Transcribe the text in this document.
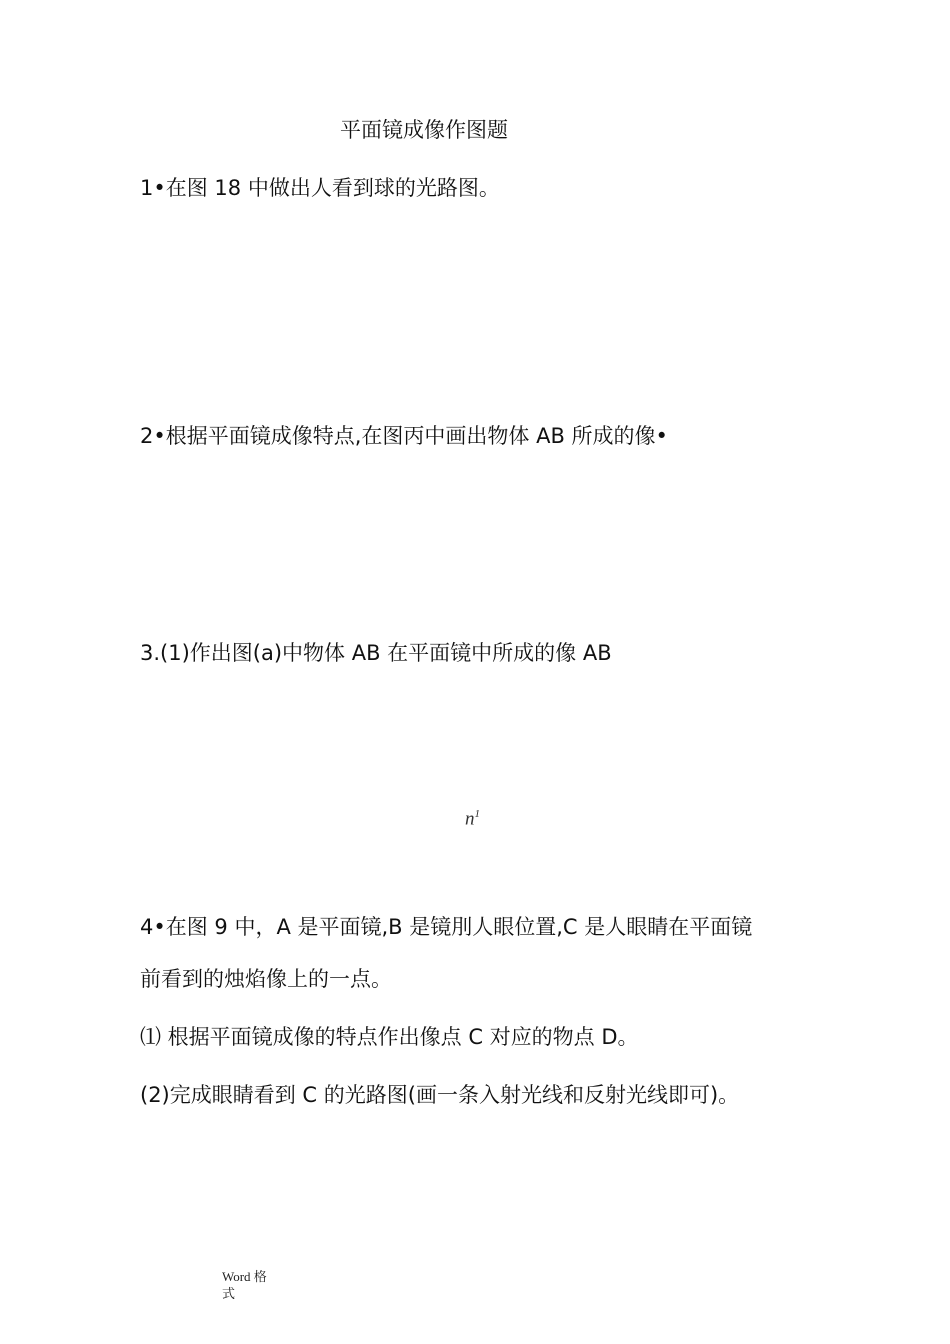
平面镜成像作图题
1•在图 18 中做出人看到球的光路图。
2•根据平面镜成像特点,在图丙中画出物体 AB 所成的像•
3.(1)作出图(a)中物体 AB 在平面镜中所成的像 AB
$n^1$
4•在图 9 中，A 是平面镜,B 是镜刖人眼位置,C 是人眼睛在平面镜
前看到的烛焰像上的一点。
⑴ 根据平面镜成像的特点作出像点 C 对应的物点 D。
(2)完成眼睛看到 C 的光路图(画一条入射光线和反射光线即可)。
Word 格
式
